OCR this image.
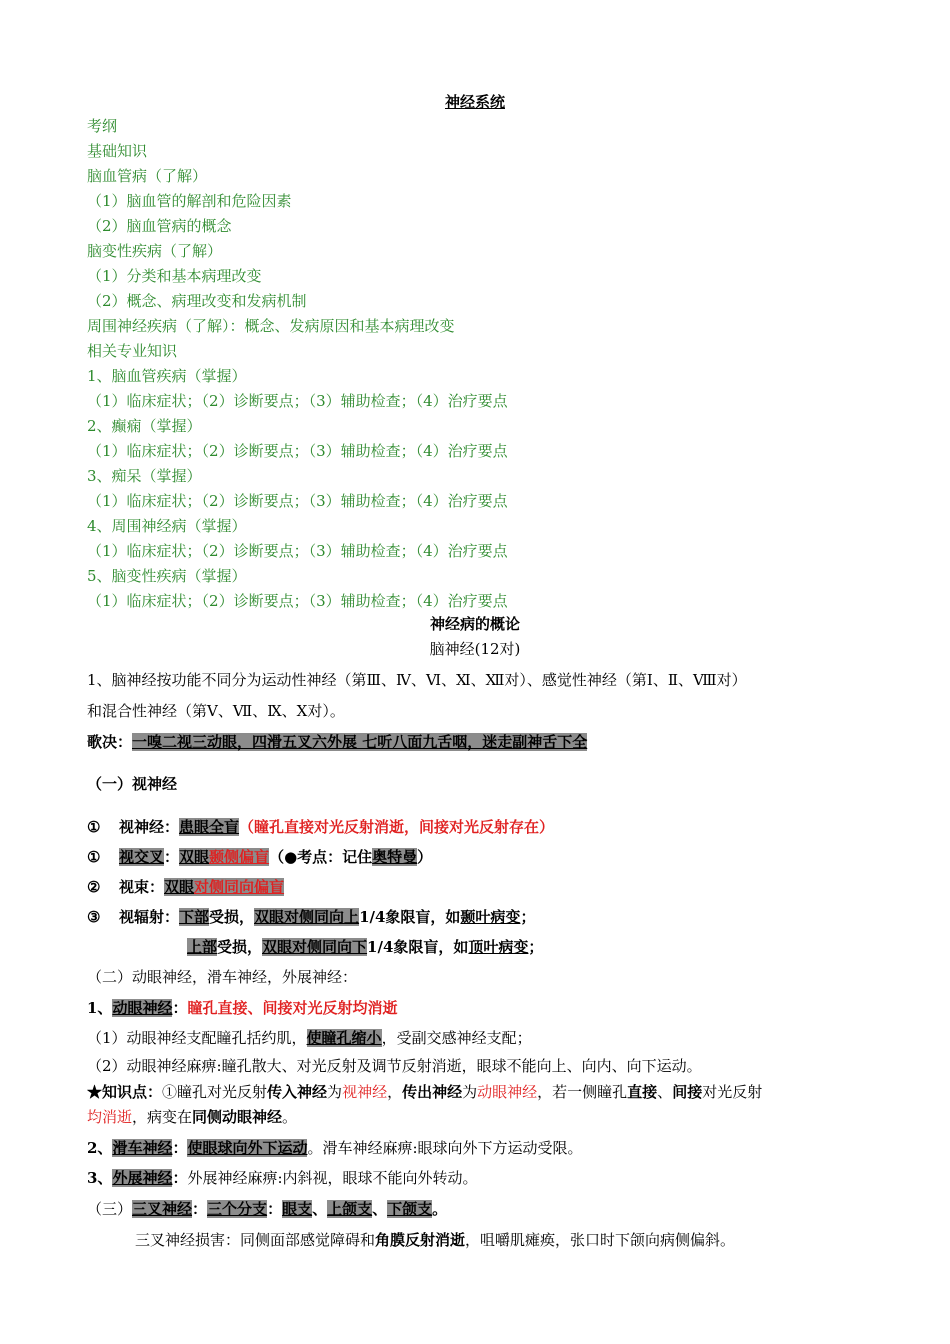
神经系统
考纲
基础知识
脑血管病（了解）
（1）脑血管的解剖和危险因素
（2）脑血管病的概念
脑变性疾病（了解）
（1）分类和基本病理改变
（2）概念、病理改变和发病机制
周围神经疾病（了解）：概念、发病原因和基本病理改变
相关专业知识
1、脑血管疾病（掌握）
（1）临床症状；（2）诊断要点；（3）辅助检查；（4）治疗要点
2、癫痫（掌握）
（1）临床症状；（2）诊断要点；（3）辅助检查；（4）治疗要点
3、痴呆（掌握）
（1）临床症状；（2）诊断要点；（3）辅助检查；（4）治疗要点
4、周围神经病（掌握）
（1）临床症状；（2）诊断要点；（3）辅助检查；（4）治疗要点
5、脑变性疾病（掌握）
（1）临床症状；（2）诊断要点；（3）辅助检查；（4）治疗要点
神经病的概论
脑神经(12对)
1、脑神经按功能不同分为运动性神经（第Ⅲ、Ⅳ、Ⅵ、Ⅺ、Ⅻ对）、感觉性神经（第Ⅰ、Ⅱ、Ⅷ对）
和混合性神经（第Ⅴ、Ⅶ、Ⅸ、Ⅹ对）。
歌决：一嗅二视三动眼，四滑五叉六外展 七听八面九舌咽，迷走副神舌下全
（一）视神经
① 视神经：患眼全盲（瞳孔直接对光反射消逝，间接对光反射存在）
① 视交叉：双眼颞侧偏盲（●考点：记住奥特曼）
② 视束：双眼对侧同向偏盲
③ 视辐射：下部受损，双眼对侧同向上1/4象限盲，如颞叶病变；
上部受损，双眼对侧同向下1/4象限盲，如顶叶病变；
（二）动眼神经，滑车神经，外展神经：
1、动眼神经：瞳孔直接、间接对光反射均消逝
（1）动眼神经支配瞳孔括约肌，使瞳孔缩小，受副交感神经支配；
（2）动眼神经麻痹:瞳孔散大、对光反射及调节反射消逝，眼球不能向上、向内、向下运动。
★知识点：①瞳孔对光反射传入神经为视神经，传出神经为动眼神经，若一侧瞳孔直接、间接对光反射
均消逝，病变在同侧动眼神经。
2、滑车神经：使眼球向外下运动。滑车神经麻痹:眼球向外下方运动受限。
3、外展神经：外展神经麻痹:内斜视，眼球不能向外转动。
（三）三叉神经：三个分支：眼支、上颌支、下颌支。
三叉神经损害：同侧面部感觉障碍和角膜反射消逝，咀嚼肌瘫痪，张口时下颌向病侧偏斜。
